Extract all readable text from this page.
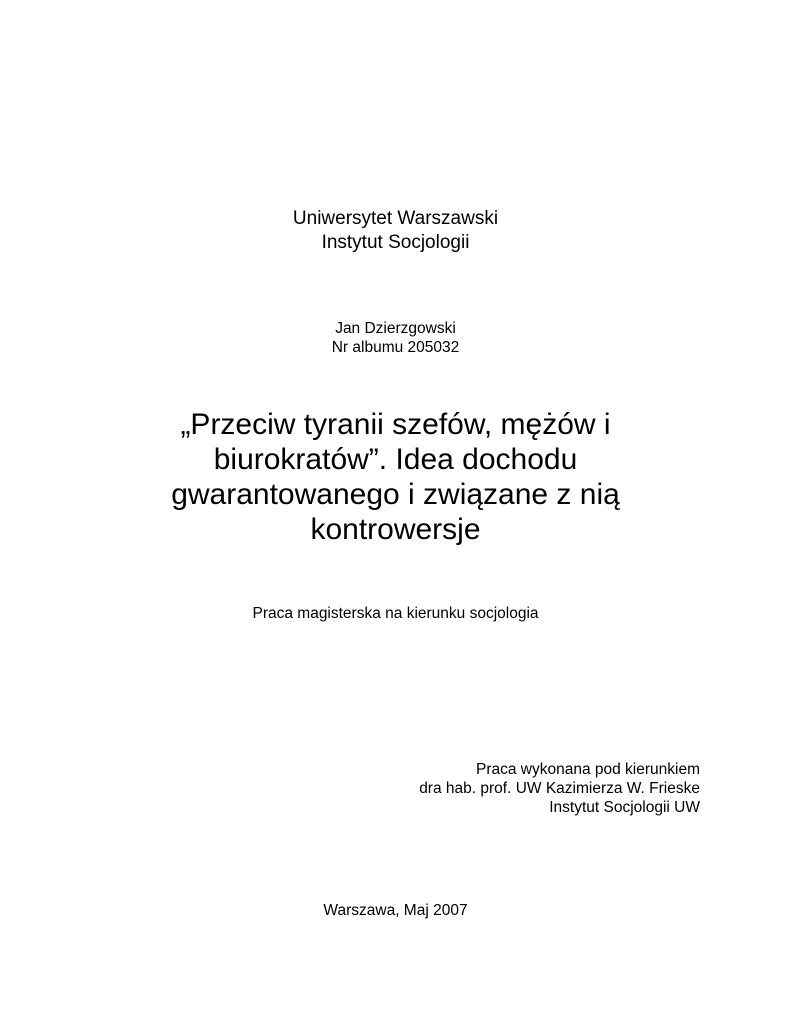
Uniwersytet Warszawski
Instytut Socjologii
Jan Dzierzgowski
Nr albumu 205032
„Przeciw tyranii szefów, mężów i
biurokratów”. Idea dochodu
gwarantowanego i związane z nią
kontrowersje
Praca magisterska na kierunku socjologia
Praca wykonana pod kierunkiem
dra hab. prof. UW Kazimierza W. Frieske
Instytut Socjologii UW
Warszawa, Maj 2007
